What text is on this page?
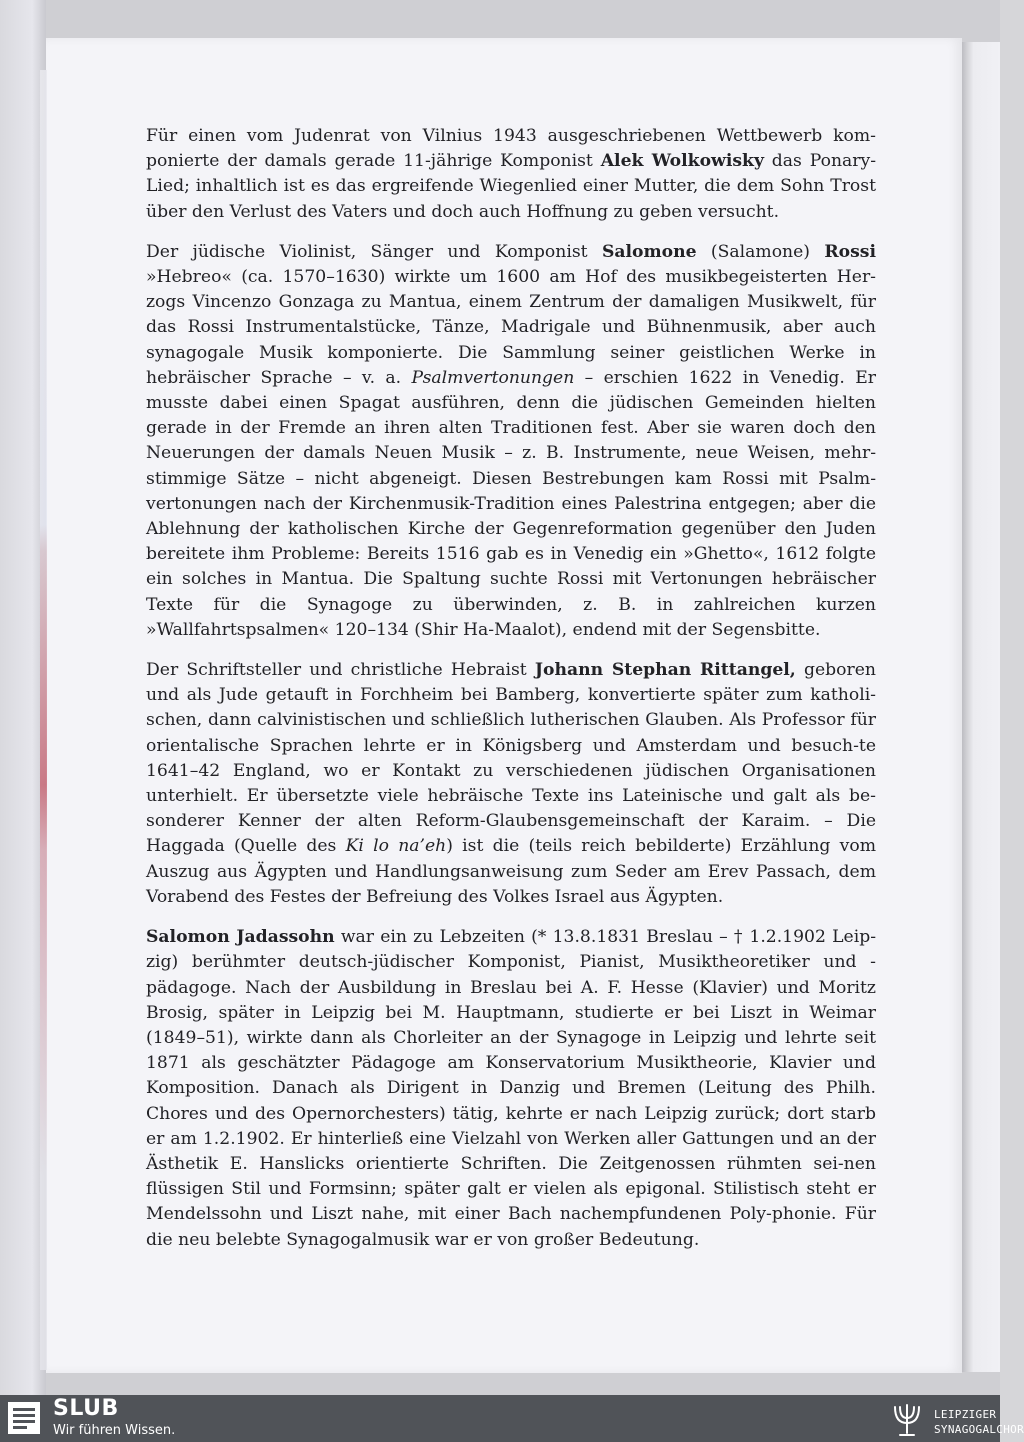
Für einen vom Judenrat von Vilnius 1943 ausgeschriebenen Wettbewerb kom-ponierte der damals gerade 11-jährige Komponist Alek Wolkowisky das Ponary-Lied; inhaltlich ist es das ergreifende Wiegenlied einer Mutter, die dem Sohn Trost über den Verlust des Vaters und doch auch Hoffnung zu geben versucht.

Der jüdische Violinist, Sänger und Komponist Salomone (Salamone) Rossi »Hebreo« (ca. 1570–1630) wirkte um 1600 am Hof des musikbegeisterten Her-zogs Vincenzo Gonzaga zu Mantua, einem Zentrum der damaligen Musikwelt, für das Rossi Instrumentalstücke, Tänze, Madrigale und Bühnenmusik, aber auch synagogale Musik komponierte. Die Sammlung seiner geistlichen Werke in hebräischer Sprache – v. a. Psalmvertonungen – erschien 1622 in Venedig. Er musste dabei einen Spagat ausführen, denn die jüdischen Gemeinden hielten gerade in der Fremde an ihren alten Traditionen fest. Aber sie waren doch den Neuerungen der damals Neuen Musik – z. B. Instrumente, neue Weisen, mehr-stimmige Sätze – nicht abgeneigt. Diesen Bestrebungen kam Rossi mit Psalm-vertonungen nach der Kirchenmusik-Tradition eines Palestrina entgegen; aber die Ablehnung der katholischen Kirche der Gegenreformation gegenüber den Juden bereitete ihm Probleme: Bereits 1516 gab es in Venedig ein »Ghetto«, 1612 folgte ein solches in Mantua. Die Spaltung suchte Rossi mit Vertonungen hebräischer Texte für die Synagoge zu überwinden, z. B. in zahlreichen kurzen »Wallfahrtspsalmen« 120–134 (Shir Ha-Maalot), endend mit der Segensbitte.

Der Schriftsteller und christliche Hebraist Johann Stephan Rittangel, geboren und als Jude getauft in Forchheim bei Bamberg, konvertierte später zum katholi-schen, dann calvinistischen und schließlich lutherischen Glauben. Als Professor für orientalische Sprachen lehrte er in Königsberg und Amsterdam und besuch-te 1641–42 England, wo er Kontakt zu verschiedenen jüdischen Organisationen unterhielt. Er übersetzte viele hebräische Texte ins Lateinische und galt als be-sonderer Kenner der alten Reform-Glaubensgemeinschaft der Karaim. – Die Haggada (Quelle des Ki lo na’eh) ist die (teils reich bebilderte) Erzählung vom Auszug aus Ägypten und Handlungsanweisung zum Seder am Erev Passach, dem Vorabend des Festes der Befreiung des Volkes Israel aus Ägypten.

Salomon Jadassohn war ein zu Lebzeiten (* 13.8.1831 Breslau – † 1.2.1902 Leip-zig) berühmter deutsch-jüdischer Komponist, Pianist, Musiktheoretiker und -pädagoge. Nach der Ausbildung in Breslau bei A. F. Hesse (Klavier) und Moritz Brosig, später in Leipzig bei M. Hauptmann, studierte er bei Liszt in Weimar (1849–51), wirkte dann als Chorleiter an der Synagoge in Leipzig und lehrte seit 1871 als geschätzter Pädagoge am Konservatorium Musiktheorie, Klavier und Komposition. Danach als Dirigent in Danzig und Bremen (Leitung des Philh. Chores und des Opernorchesters) tätig, kehrte er nach Leipzig zurück; dort starb er am 1.2.1902. Er hinterließ eine Vielzahl von Werken aller Gattungen und an der Ästhetik E. Hanslicks orientierte Schriften. Die Zeitgenossen rühmten sei-nen flüssigen Stil und Formsinn; später galt er vielen als epigonal. Stilistisch steht er Mendelssohn und Liszt nahe, mit einer Bach nachempfundenen Poly-phonie. Für die neu belebte Synagogalmusik war er von großer Bedeutung.

SLUB
Wir führen Wissen.
LEIPZIGER
SYNAGOGALCHOR
